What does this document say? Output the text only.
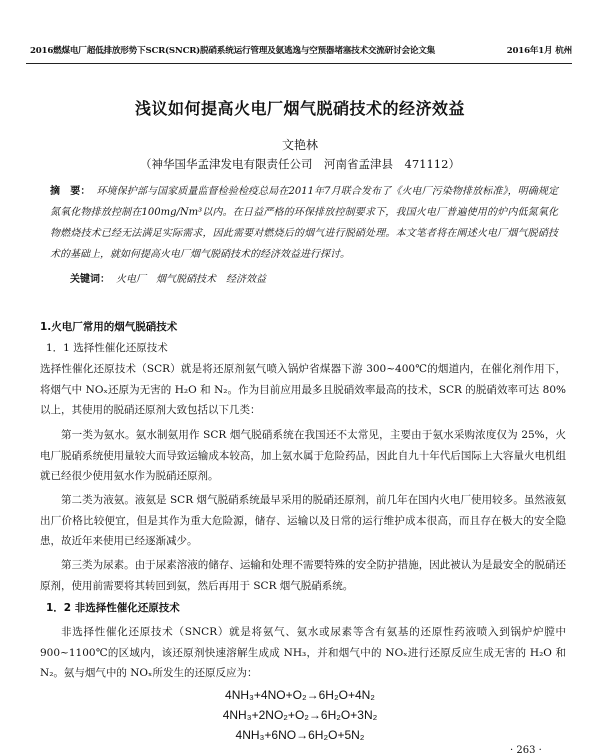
2016燃煤电厂超低排放形势下SCR(SNCR)脱硝系统运行管理及氨逃逸与空预器堵塞技术交流研讨会论文集	2016年1月 杭州
浅议如何提高火电厂烟气脱硝技术的经济效益
文艳林
（神华国华孟津发电有限责任公司　河南省孟津县　471112）
摘　要： 环境保护部与国家质量监督检验检疫总局在2011年7月联合发布了《火电厂污染物排放标准》，明确规定氮氧化物排放控制在100mg/Nm³以内。在日益严格的环保排放控制要求下，我国火电厂普遍使用的炉内低氮氧化物燃烧技术已经无法满足实际需求，因此需要对燃烧后的烟气进行脱硝处理。本文笔者将在阐述火电厂烟气脱硝技术的基础上，就如何提高火电厂烟气脱硝技术的经济效益进行探讨。
关键词： 火电厂　烟气脱硝技术　经济效益
1.火电厂常用的烟气脱硝技术
1．1 选择性催化还原技术

选择性催化还原技术（SCR）就是将还原剂氨气喷入锅炉省煤器下游 300~400℃的烟道内，在催化剂作用下，将烟气中 NOₓ还原为无害的 H₂O 和 N₂。作为目前应用最多且脱硝效率最高的技术，SCR 的脱硝效率可达 80%以上，其使用的脱硝还原剂大致包括以下几类：

第一类为氨水。氨水制氨用作 SCR 烟气脱硝系统在我国还不太常见，主要由于氨水采购浓度仅为 25%，火电厂脱硝系统使用量较大而导致运输成本较高，加上氨水属于危险药品，因此自九十年代后国际上大容量火电机组就已经很少使用氨水作为脱硝还原剂。

第二类为液氨。液氨是 SCR 烟气脱硝系统最早采用的脱硝还原剂，前几年在国内火电厂使用较多。虽然液氨出厂价格比较便宜，但是其作为重大危险源，储存、运输以及日常的运行维护成本很高，而且存在极大的安全隐患，故近年来使用已经逐渐减少。

第三类为尿素。由于尿素溶液的储存、运输和处理不需要特殊的安全防护措施，因此被认为是最安全的脱硝还原剂，使用前需要将其转回到氨，然后再用于 SCR 烟气脱硝系统。

1．2 非选择性催化还原技术

非选择性催化还原技术（SNCR）就是将氨气、氨水或尿素等含有氨基的还原性药液喷入到锅炉炉膛中 900~1100℃的区域内，该还原剂快速溶解生成成 NH₃，并和烟气中的 NOₓ进行还原反应生成无害的 H₂O 和 N₂。氨与烟气中的 NOₓ所发生的还原反应为：

4NH₃+4NO+O₂→6H₂O+4N₂
4NH₃+2NO₂+O₂→6H₂O+3N₂
4NH₃+6NO→6H₂O+5N₂
· 263 ·
